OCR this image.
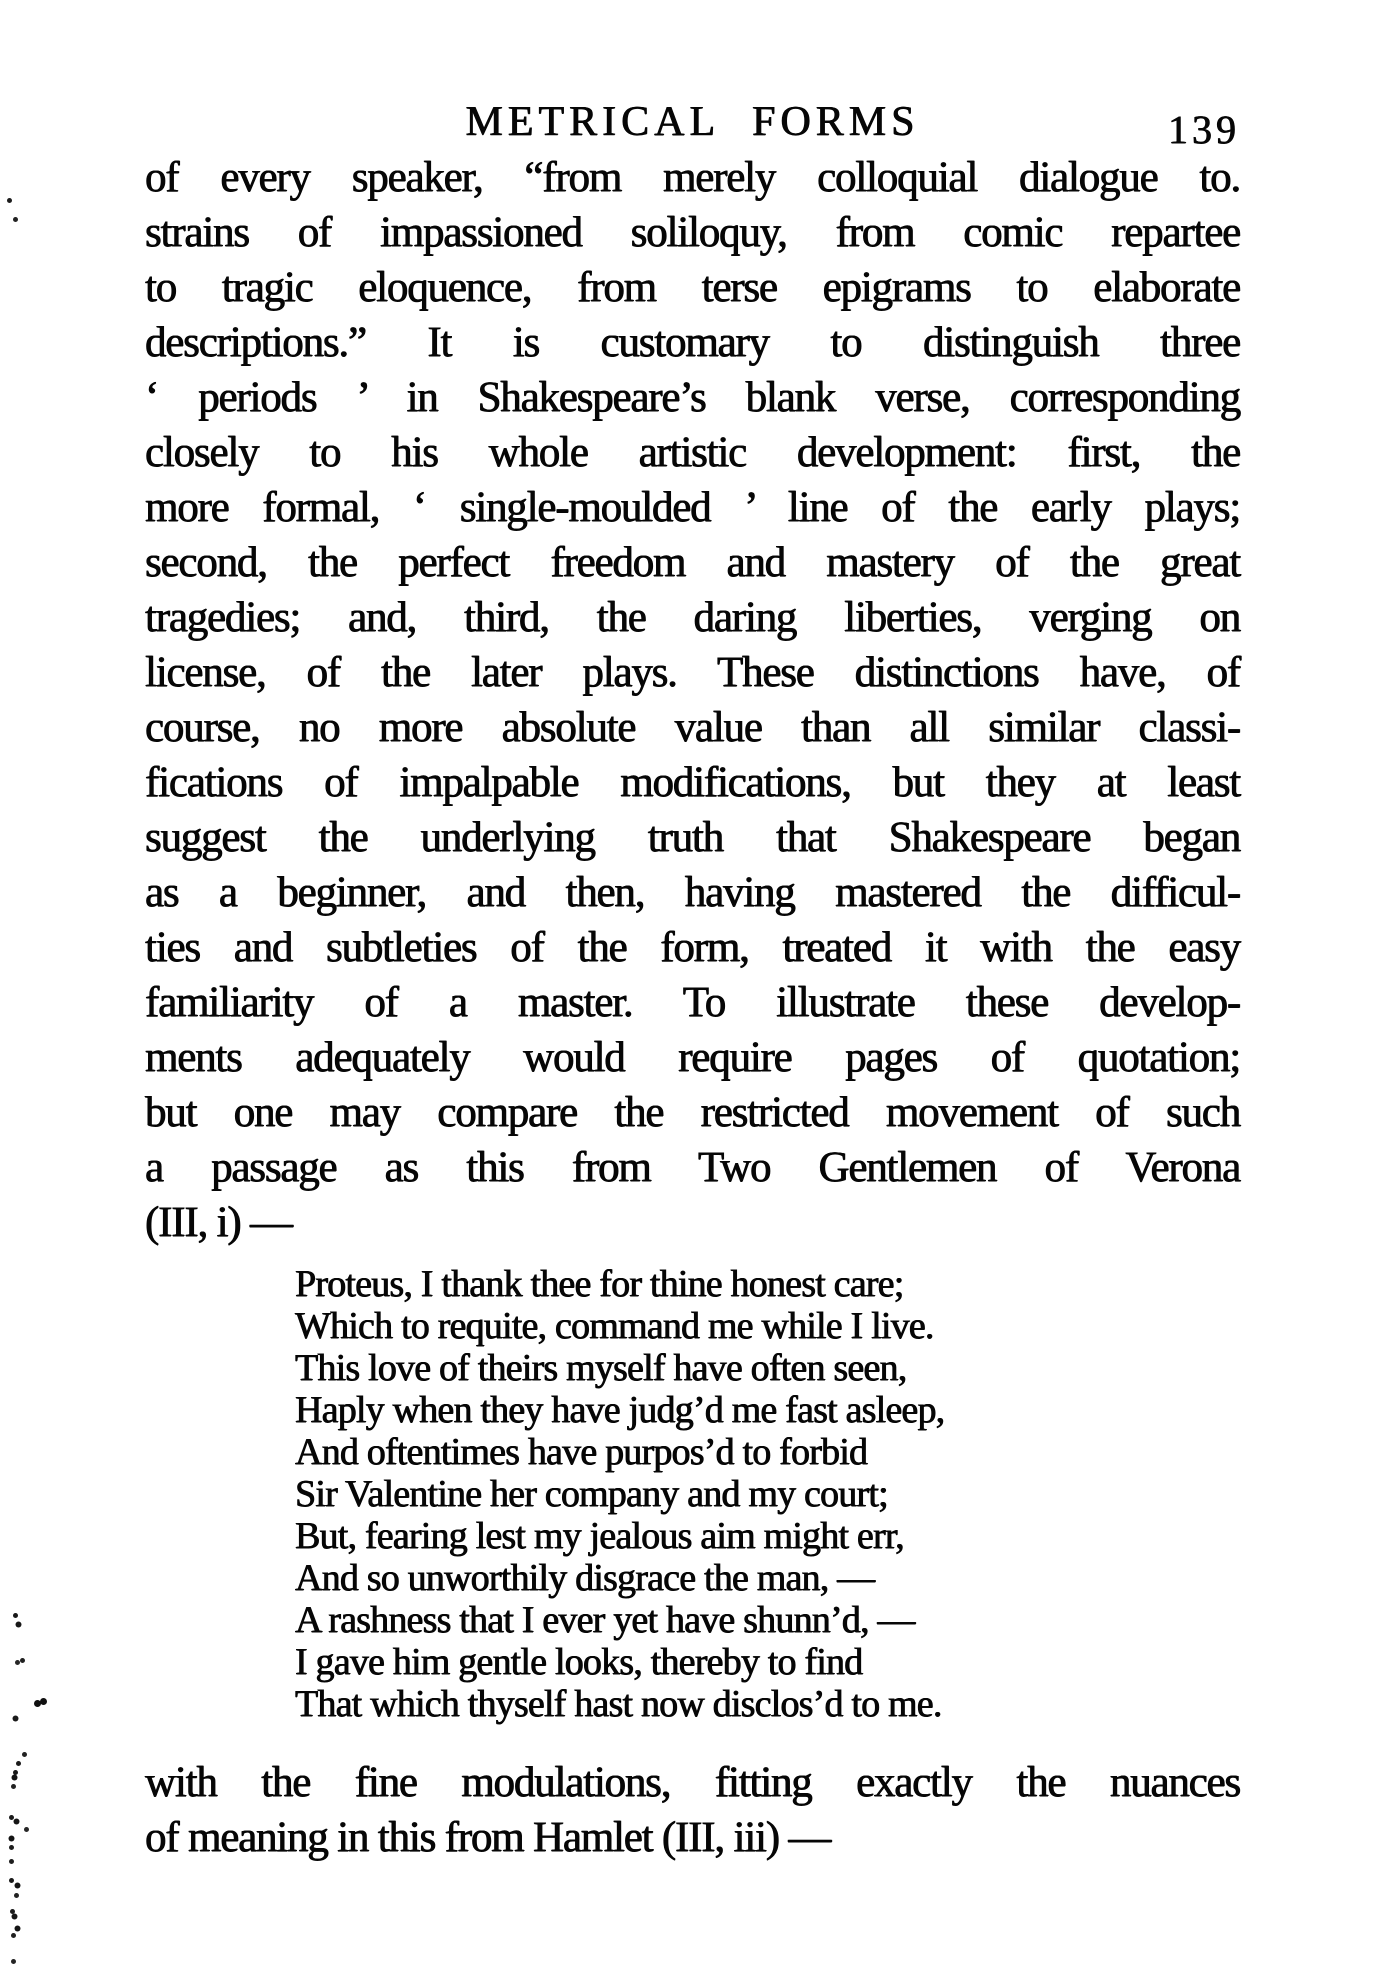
METRICAL FORMS	139
of every speaker, “from merely colloquial dialogue to.
strains of impassioned soliloquy, from comic repartee
to tragic eloquence, from terse epigrams to elaborate
descriptions.” It is customary to distinguish three
‘ periods ’ in Shakespeare’s blank verse, corresponding
closely to his whole artistic development: first, the
more formal, ‘ single-moulded ’ line of the early plays;
second, the perfect freedom and mastery of the great
tragedies; and, third, the daring liberties, verging on
license, of the later plays. These distinctions have, of
course, no more absolute value than all similar classi-
fications of impalpable modifications, but they at least
suggest the underlying truth that Shakespeare began
as a beginner, and then, having mastered the difficul-
ties and subtleties of the form, treated it with the easy
familiarity of a master. To illustrate these develop-
ments adequately would require pages of quotation;
but one may compare the restricted movement of such
a passage as this from Two Gentlemen of Verona
(III, i) —
Proteus, I thank thee for thine honest care;
Which to requite, command me while I live.
This love of theirs myself have often seen,
Haply when they have judg’d me fast asleep,
And oftentimes have purpos’d to forbid
Sir Valentine her company and my court;
But, fearing lest my jealous aim might err,
And so unworthily disgrace the man, —
A rashness that I ever yet have shunn’d, —
I gave him gentle looks, thereby to find
That which thyself hast now disclos’d to me.
with the fine modulations, fitting exactly the nuances
of meaning in this from Hamlet (III, iii) —
